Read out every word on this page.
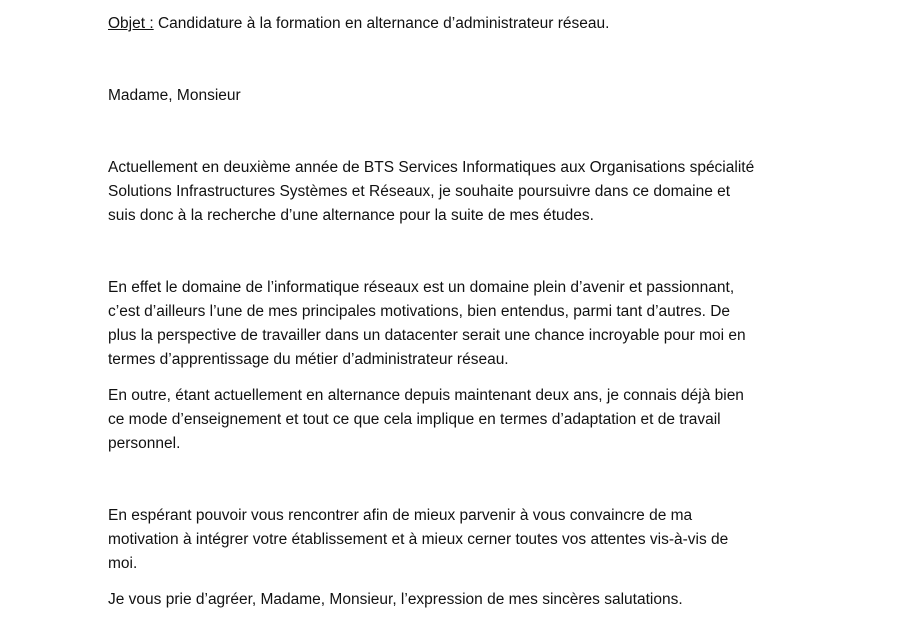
Objet : Candidature à la formation en alternance d’administrateur réseau.

Madame, Monsieur

Actuellement en deuxième année de BTS Services Informatiques aux Organisations spécialité
Solutions Infrastructures Systèmes et Réseaux, je souhaite poursuivre dans ce domaine et
suis donc à la recherche d’une alternance pour la suite de mes études.

En effet le domaine de l’informatique réseaux est un domaine plein d’avenir et passionnant,
c’est d’ailleurs l’une de mes principales motivations, bien entendus, parmi tant d’autres. De
plus la perspective de travailler dans un datacenter serait une chance incroyable pour moi en
termes d’apprentissage du métier d’administrateur réseau.

En outre, étant actuellement en alternance depuis maintenant deux ans, je connais déjà bien
ce mode d’enseignement et tout ce que cela implique en termes d’adaptation et de travail
personnel.

En espérant pouvoir vous rencontrer afin de mieux parvenir à vous convaincre de ma
motivation à intégrer votre établissement et à mieux cerner toutes vos attentes vis-à-vis de
moi.

Je vous prie d’agréer, Madame, Monsieur, l’expression de mes sincères salutations.
